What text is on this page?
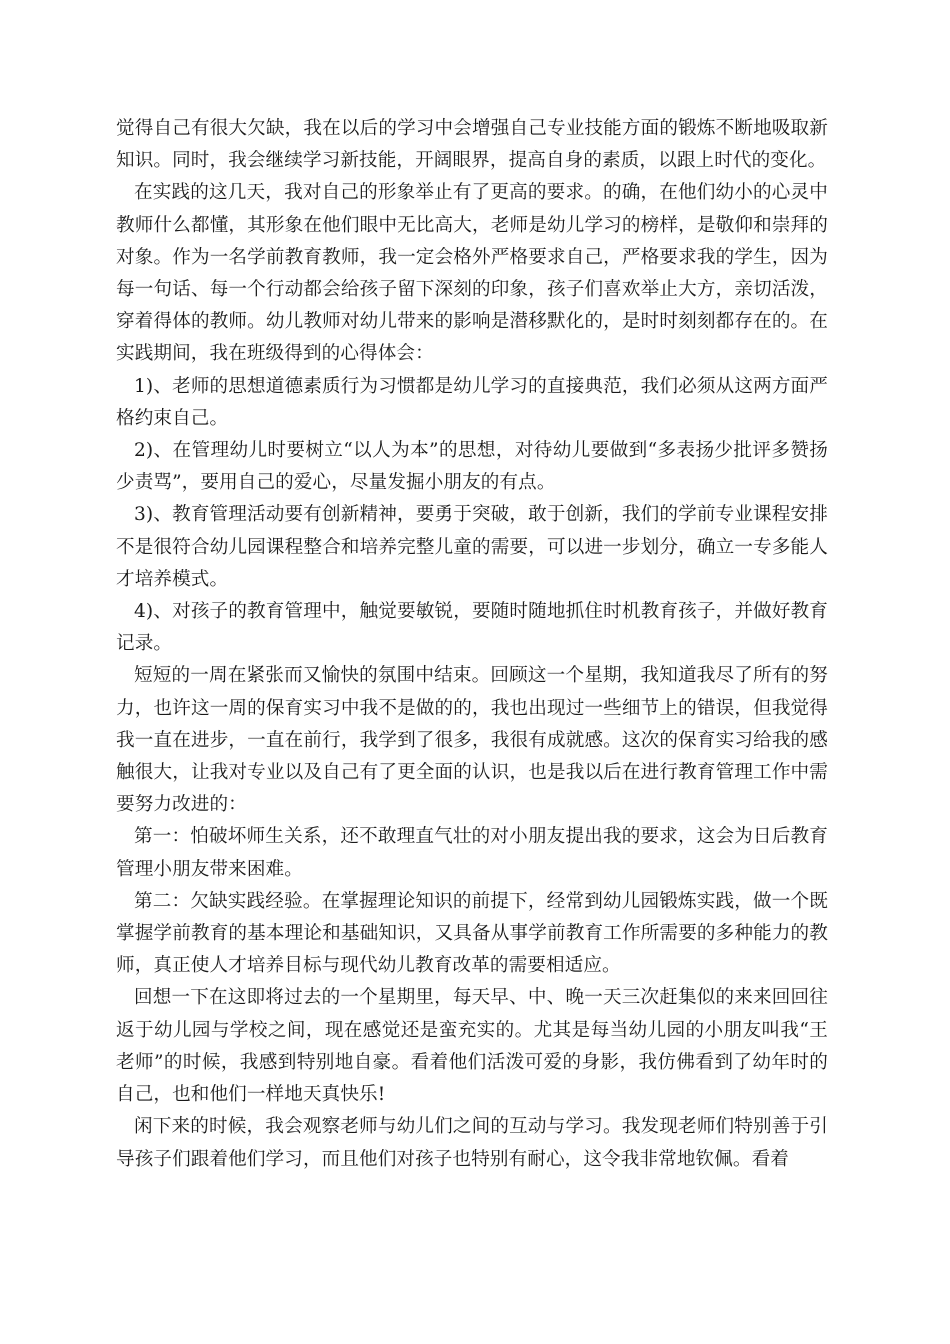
觉得自己有很大欠缺，我在以后的学习中会增强自己专业技能方面的锻炼不断地吸取新知识。同时，我会继续学习新技能，开阔眼界，提高自身的素质，以跟上时代的变化。

在实践的这几天，我对自己的形象举止有了更高的要求。的确，在他们幼小的心灵中教师什么都懂，其形象在他们眼中无比高大，老师是幼儿学习的榜样，是敬仰和崇拜的对象。作为一名学前教育教师，我一定会格外严格要求自己，严格要求我的学生，因为每一句话、每一个行动都会给孩子留下深刻的印象，孩子们喜欢举止大方，亲切活泼，穿着得体的教师。幼儿教师对幼儿带来的影响是潜移默化的，是时时刻刻都存在的。在实践期间，我在班级得到的心得体会：

1)、老师的思想道德素质行为习惯都是幼儿学习的直接典范，我们必须从这两方面严格约束自己。

2)、在管理幼儿时要树立“以人为本”的思想，对待幼儿要做到“多表扬少批评多赞扬少责骂”，要用自己的爱心，尽量发掘小朋友的有点。

3)、教育管理活动要有创新精神，要勇于突破，敢于创新，我们的学前专业课程安排不是很符合幼儿园课程整合和培养完整儿童的需要，可以进一步划分，确立一专多能人才培养模式。

4)、对孩子的教育管理中，触觉要敏锐，要随时随地抓住时机教育孩子，并做好教育记录。

短短的一周在紧张而又愉快的氛围中结束。回顾这一个星期，我知道我尽了所有的努力，也许这一周的保育实习中我不是做的的，我也出现过一些细节上的错误，但我觉得我一直在进步，一直在前行，我学到了很多，我很有成就感。这次的保育实习给我的感触很大，让我对专业以及自己有了更全面的认识，也是我以后在进行教育管理工作中需要努力改进的：

第一：怕破坏师生关系，还不敢理直气壮的对小朋友提出我的要求，这会为日后教育管理小朋友带来困难。

第二：欠缺实践经验。在掌握理论知识的前提下，经常到幼儿园锻炼实践，做一个既掌握学前教育的基本理论和基础知识，又具备从事学前教育工作所需要的多种能力的教师，真正使人才培养目标与现代幼儿教育改革的需要相适应。

回想一下在这即将过去的一个星期里，每天早、中、晚一天三次赶集似的来来回回往返于幼儿园与学校之间，现在感觉还是蛮充实的。尤其是每当幼儿园的小朋友叫我“王老师”的时候，我感到特别地自豪。看着他们活泼可爱的身影，我仿佛看到了幼年时的自己，也和他们一样地天真快乐!

闲下来的时候，我会观察老师与幼儿们之间的互动与学习。我发现老师们特别善于引导孩子们跟着他们学习，而且他们对孩子也特别有耐心，这令我非常地钦佩。看着
